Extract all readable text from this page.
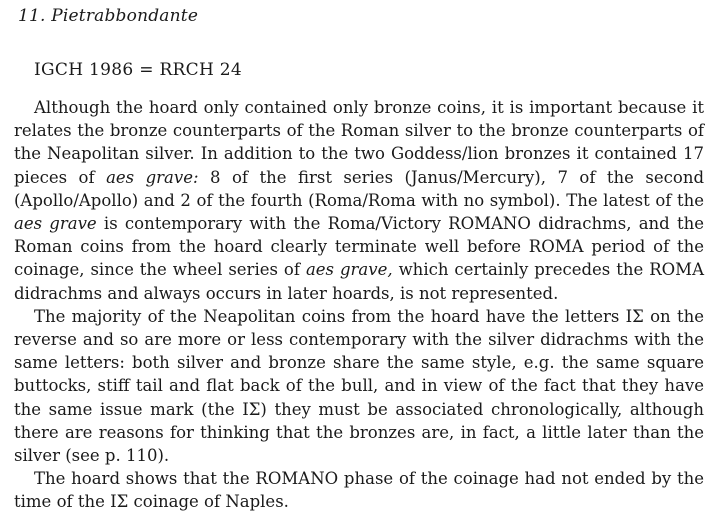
11. Pietrabbondante
IGCH 1986 = RRCH 24

Although the hoard only contained only bronze coins, it is important because it relates the bronze counterparts of the Roman silver to the bronze counterparts of the Neapolitan silver. In addition to the two Goddess/lion bronzes it contained 17 pieces of aes grave: 8 of the first series (Janus/Mercury), 7 of the second (Apollo/Apollo) and 2 of the fourth (Roma/Roma with no symbol). The latest of the aes grave is contemporary with the Roma/Victory ROMANO didrachms, and the Roman coins from the hoard clearly terminate well before ROMA period of the coinage, since the wheel series of aes grave, which certainly precedes the ROMA didrachms and always occurs in later hoards, is not represented.

The majority of the Neapolitan coins from the hoard have the letters ΙΣ on the reverse and so are more or less contemporary with the silver didrachms with the same letters: both silver and bronze share the same style, e.g. the same square buttocks, stiff tail and flat back of the bull, and in view of the fact that they have the same issue mark (the ΙΣ) they must be associated chronologically, although there are reasons for thinking that the bronzes are, in fact, a little later than the silver (see p. 110).

The hoard shows that the ROMANO phase of the coinage had not ended by the time of the ΙΣ coinage of Naples.
